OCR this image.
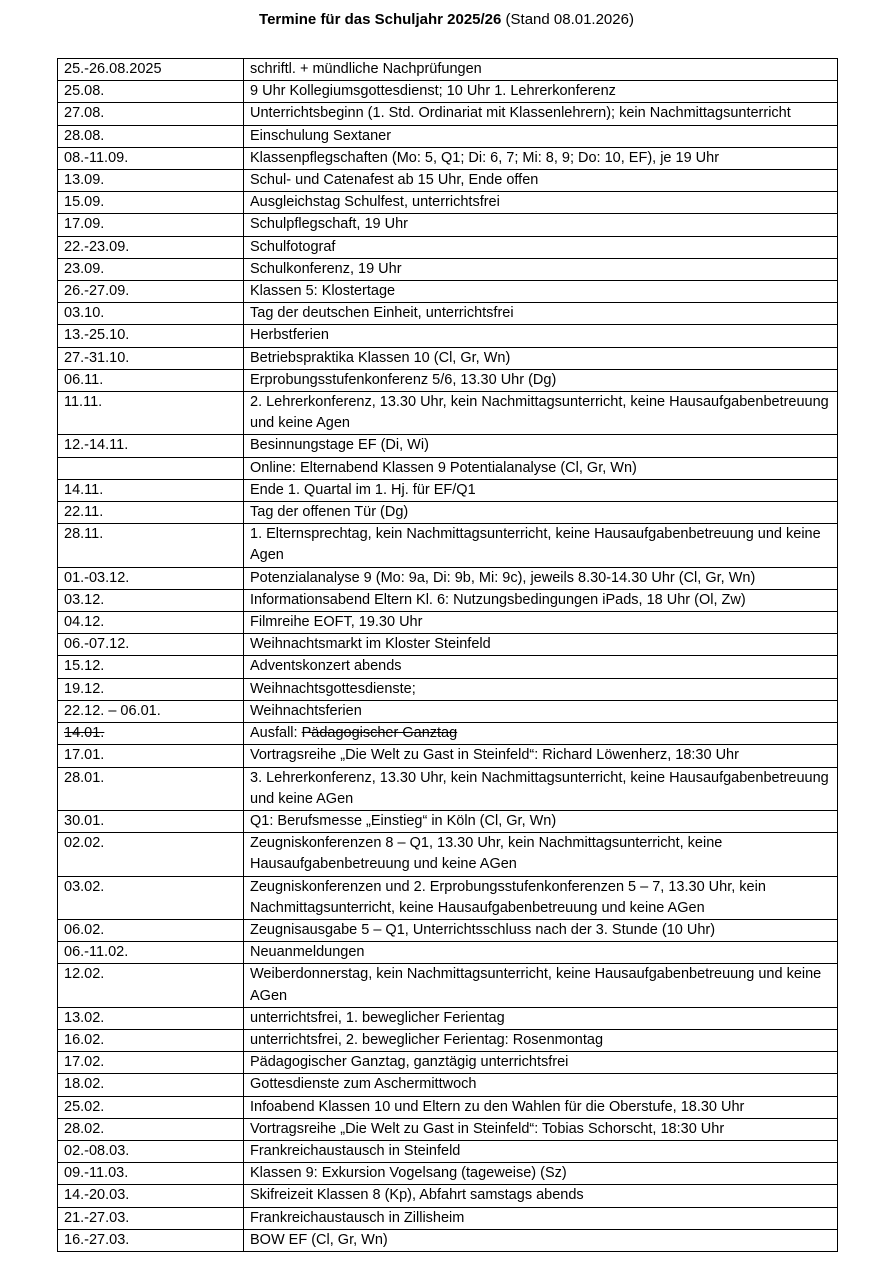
Termine für das Schuljahr 2025/26 (Stand 08.01.2026)
25.-26.08.2025	schriftl. + mündliche Nachprüfungen
25.08.	9 Uhr Kollegiumsgottesdienst; 10 Uhr 1. Lehrerkonferenz
27.08.	Unterrichtsbeginn (1. Std. Ordinariat mit Klassenlehrern); kein Nachmittagsunterricht
28.08.	Einschulung Sextaner
08.-11.09.	Klassenpflegschaften (Mo: 5, Q1; Di: 6, 7; Mi: 8, 9; Do: 10, EF), je 19 Uhr
13.09.	Schul- und Catenafest ab 15 Uhr, Ende offen
15.09.	Ausgleichstag Schulfest, unterrichtsfrei
17.09.	Schulpflegschaft, 19 Uhr
22.-23.09.	Schulfotograf
23.09.	Schulkonferenz, 19 Uhr
26.-27.09.	Klassen 5: Klostertage
03.10.	Tag der deutschen Einheit, unterrichtsfrei
13.-25.10.	Herbstferien
27.-31.10.	Betriebspraktika Klassen 10 (Cl, Gr, Wn)
06.11.	Erprobungsstufenkonferenz 5/6, 13.30 Uhr (Dg)
11.11.	2. Lehrerkonferenz, 13.30 Uhr, kein Nachmittagsunterricht, keine Hausaufgabenbetreuung und keine Agen
12.-14.11.	Besinnungstage EF (Di, Wi)
	Online: Elternabend Klassen 9 Potentialanalyse (Cl, Gr, Wn)
14.11.	Ende 1. Quartal im 1. Hj. für EF/Q1
22.11.	Tag der offenen Tür (Dg)
28.11.	1. Elternsprechtag, kein Nachmittagsunterricht, keine Hausaufgabenbetreuung und keine Agen
01.-03.12.	Potenzialanalyse 9 (Mo: 9a, Di: 9b, Mi: 9c), jeweils 8.30-14.30 Uhr (Cl, Gr, Wn)
03.12.	Informationsabend Eltern Kl. 6: Nutzungsbedingungen iPads, 18 Uhr (Ol, Zw)
04.12.	Filmreihe EOFT, 19.30 Uhr
06.-07.12.	Weihnachtsmarkt im Kloster Steinfeld
15.12.	Adventskonzert abends
19.12.	Weihnachtsgottesdienste;
22.12. – 06.01.	Weihnachtsferien
14.01.	Ausfall: Pädagogischer Ganztag
17.01.	Vortragsreihe „Die Welt zu Gast in Steinfeld“: Richard Löwenherz, 18:30 Uhr
28.01.	3. Lehrerkonferenz, 13.30 Uhr, kein Nachmittagsunterricht, keine Hausaufgabenbetreuung und keine AGen
30.01.	Q1: Berufsmesse „Einstieg“ in Köln (Cl, Gr, Wn)
02.02.	Zeugniskonferenzen 8 – Q1, 13.30 Uhr, kein Nachmittagsunterricht, keine Hausaufgabenbetreuung und keine AGen
03.02.	Zeugniskonferenzen und 2. Erprobungsstufenkonferenzen 5 – 7, 13.30 Uhr, kein Nachmittagsunterricht, keine Hausaufgabenbetreuung und keine AGen
06.02.	Zeugnisausgabe 5 – Q1, Unterrichtsschluss nach der 3. Stunde (10 Uhr)
06.-11.02.	Neuanmeldungen
12.02.	Weiberdonnerstag, kein Nachmittagsunterricht, keine Hausaufgabenbetreuung und keine AGen
13.02.	unterrichtsfrei, 1. beweglicher Ferientag
16.02.	unterrichtsfrei, 2. beweglicher Ferientag: Rosenmontag
17.02.	Pädagogischer Ganztag, ganztägig unterrichtsfrei
18.02.	Gottesdienste zum Aschermittwoch
25.02.	Infoabend Klassen 10 und Eltern zu den Wahlen für die Oberstufe, 18.30 Uhr
28.02.	Vortragsreihe „Die Welt zu Gast in Steinfeld“: Tobias Schorscht, 18:30 Uhr
02.-08.03.	Frankreichaustausch in Steinfeld
09.-11.03.	Klassen 9: Exkursion Vogelsang (tageweise) (Sz)
14.-20.03.	Skifreizeit Klassen 8 (Kp), Abfahrt samstags abends
21.-27.03.	Frankreichaustausch in Zillisheim
16.-27.03.	BOW EF (Cl, Gr, Wn)
